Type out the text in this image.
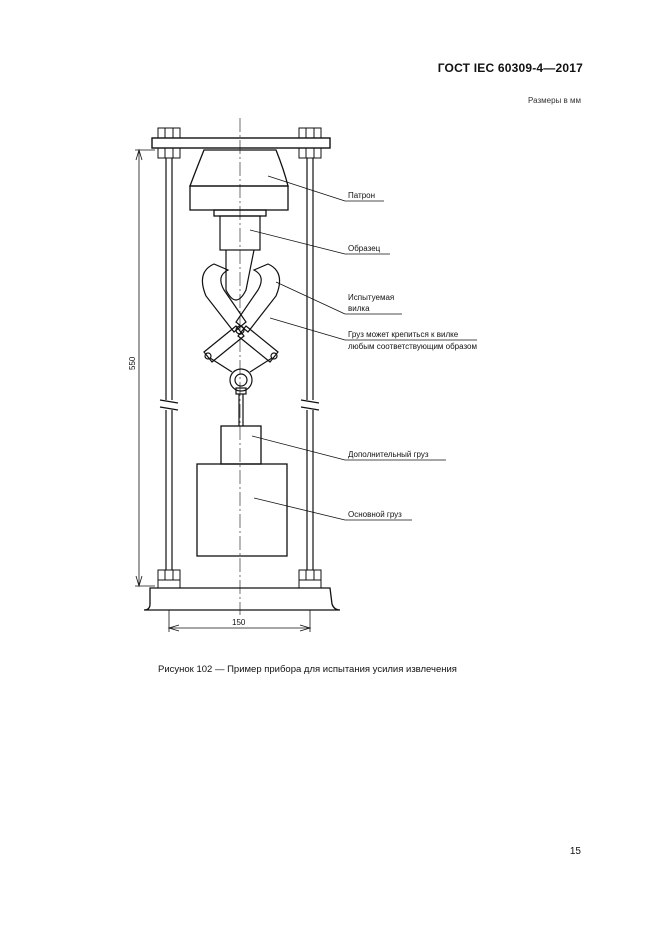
ГОСТ IEC 60309-4—2017
Размеры в мм
550
150
Патрон
Образец
Испытуемая
вилка
Груз может крепиться к вилке
любым соответствующим образом
Дополнительный груз
Основной груз
Рисунок 102 — Пример прибора для испытания усилия извлечения
15
